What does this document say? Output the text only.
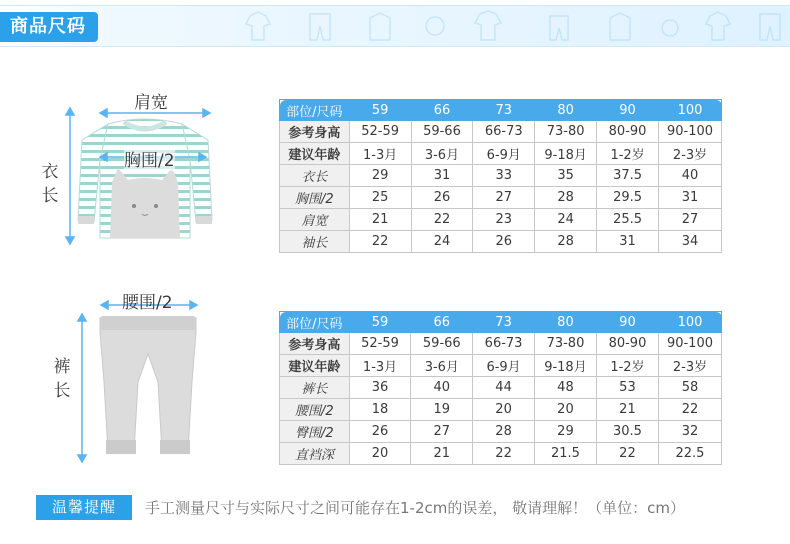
商品尺码
肩宽
胸围/2
衣长
腰围/2
裤长
部位/尺码	59	66	73	80	90	100
参考身高	52-59	59-66	66-73	73-80	80-90	90-100
建议年龄	1-3月	3-6月	6-9月	9-18月	1-2岁	2-3岁
衣长	29	31	33	35	37.5	40
胸围/2	25	26	27	28	29.5	31
肩宽	21	22	23	24	25.5	27
袖长	22	24	26	28	31	34
部位/尺码	59	66	73	80	90	100
参考身高	52-59	59-66	66-73	73-80	80-90	90-100
建议年龄	1-3月	3-6月	6-9月	9-18月	1-2岁	2-3岁
裤长	36	40	44	48	53	58
腰围/2	18	19	20	20	21	22
臀围/2	26	27	28	29	30.5	32
直裆深	20	21	22	21.5	22	22.5
温馨提醒	手工测量尺寸与实际尺寸之间可能存在1-2cm的误差， 敬请理解！（单位：cm）
